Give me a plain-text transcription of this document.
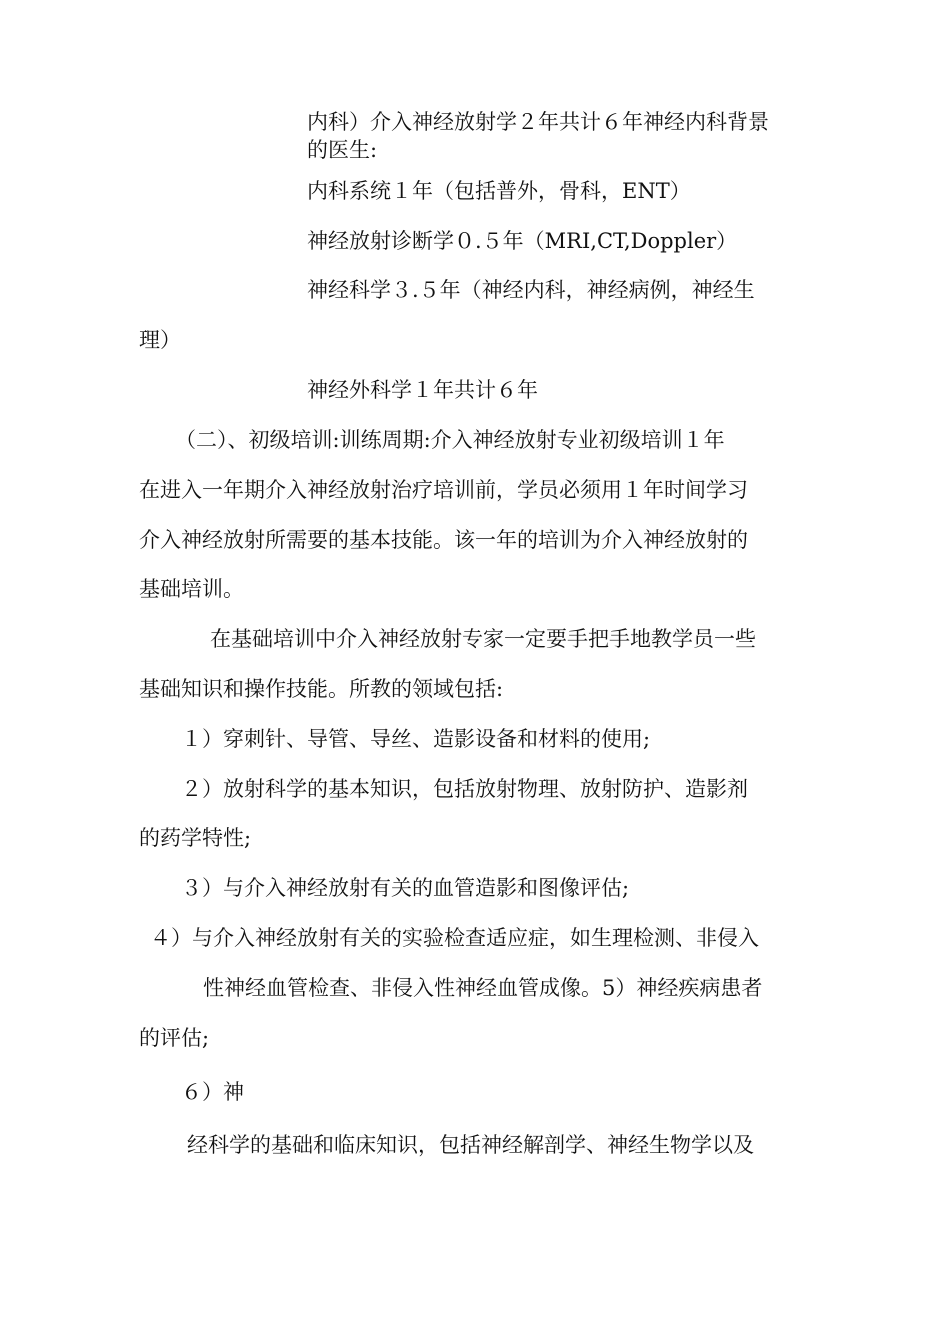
内科）介入神经放射学２年共计６年神经内科背景
的医生:
内科系统１年（包括普外，骨科，ENT）
神经放射诊断学０.５年（MRI,CT,Doppler）
神经科学３.５年（神经内科，神经病例，神经生
理）
神经外科学１年共计６年
（二）、初级培训:训练周期:介入神经放射专业初级培训１年
在进入一年期介入神经放射治疗培训前，学员必须用１年时间学习
介入神经放射所需要的基本技能。该一年的培训为介入神经放射的
基础培训。
在基础培训中介入神经放射专家一定要手把手地教学员一些
基础知识和操作技能。所教的领域包括:
１）穿刺针、导管、导丝、造影设备和材料的使用;
２）放射科学的基本知识，包括放射物理、放射防护、造影剂
的药学特性;
３）与介入神经放射有关的血管造影和图像评估;
４）与介入神经放射有关的实验检查适应症，如生理检测、非侵入
性神经血管检查、非侵入性神经血管成像。5）神经疾病患者
的评估;
６）神
经科学的基础和临床知识，包括神经解剖学、神经生物学以及
